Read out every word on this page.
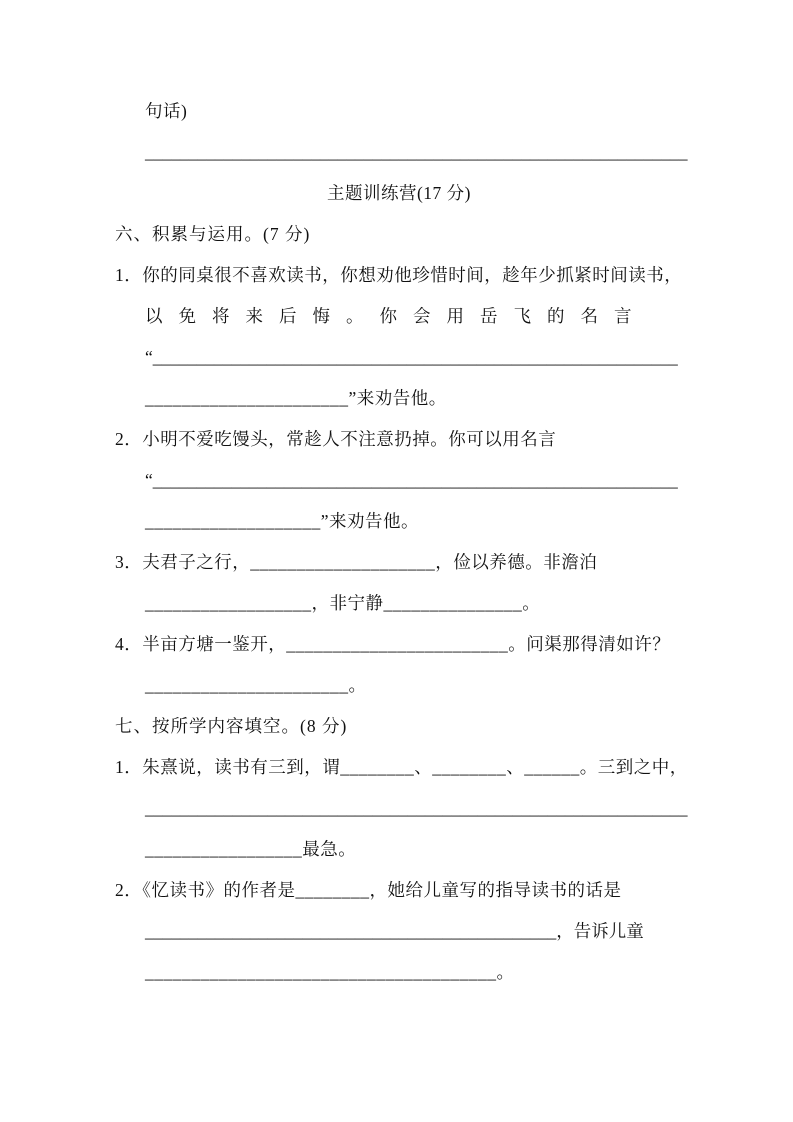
句话)
______________________________________________________________
主题训练营(17 分)
六、积累与运用。(7 分)
1．你的同桌很不喜欢读书，你想劝他珍惜时间，趁年少抓紧时间读书，
以免将来后悔。你会用岳飞的名言
“____________________________________________________________
______________________”来劝告他。
2．小明不爱吃馒头，常趁人不注意扔掉。你可以用名言
“____________________________________________________________
___________________”来劝告他。
3．夫君子之行，____________________，俭以养德。非澹泊
__________________，非宁静_______________。
4．半亩方塘一鉴开，________________________。问渠那得清如许？
______________________。
七、按所学内容填空。(8 分)
1．朱熹说，读书有三到，谓________、________、______。三到之中，
______________________________________________________________
_________________最急。
2．《忆读书》的作者是________，她给儿童写的指导读书的话是
_______________________________________________，告诉儿童
______________________________________。
